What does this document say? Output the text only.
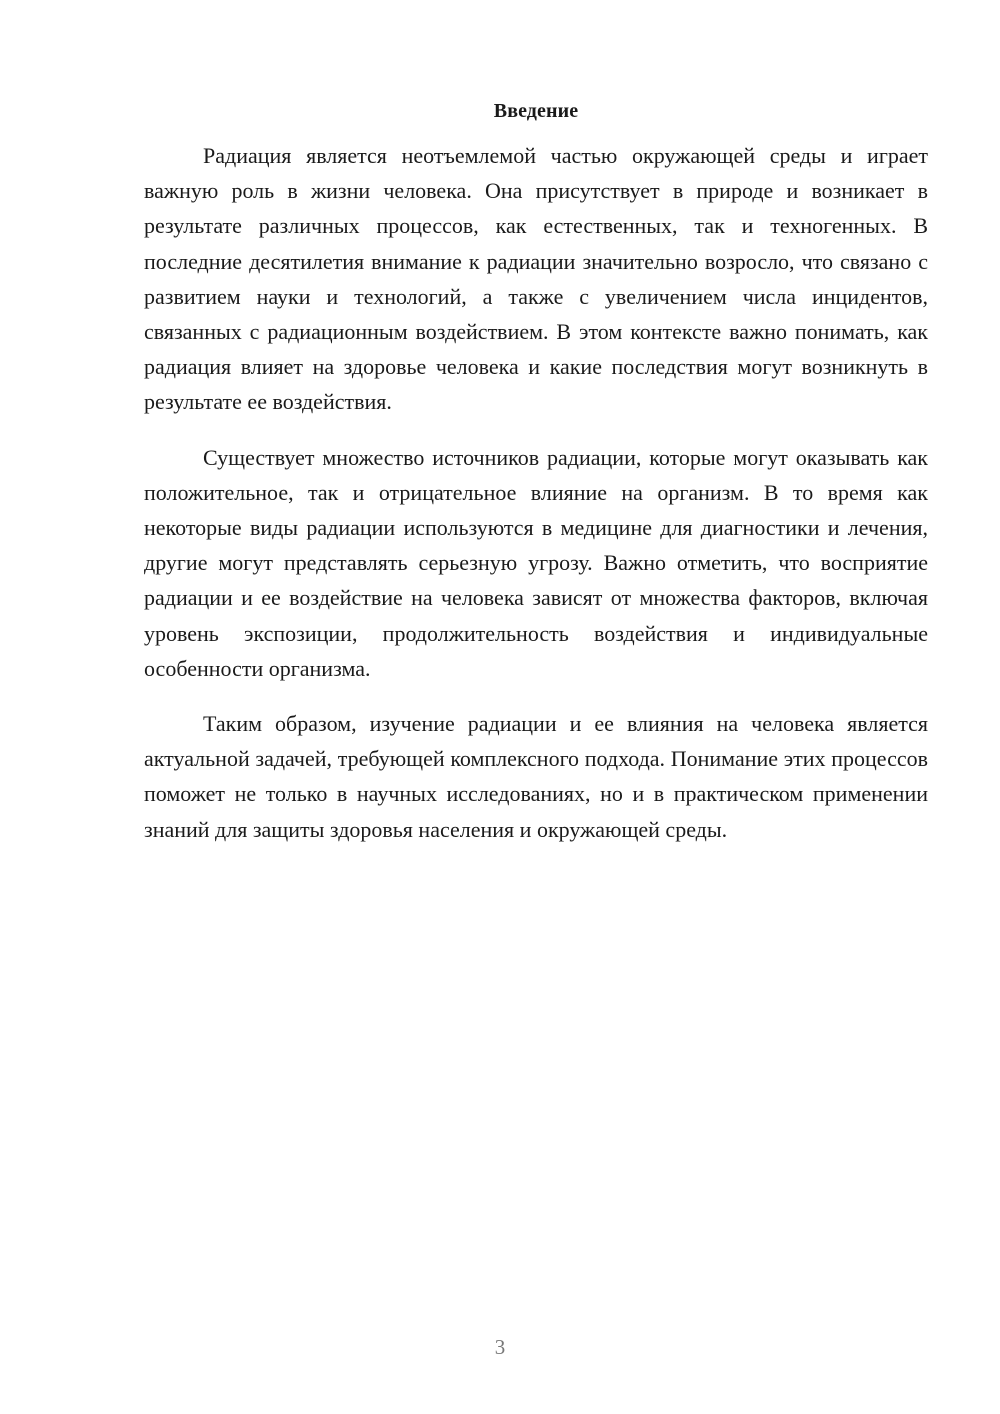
Введение

Радиация является неотъемлемой частью окружающей среды и играет важную роль в жизни человека. Она присутствует в природе и возникает в результате различных процессов, как естественных, так и техногенных. В последние десятилетия внимание к радиации значительно возросло, что связано с развитием науки и технологий, а также с увеличением числа инцидентов, связанных с радиационным воздействием. В этом контексте важно понимать, как радиация влияет на здоровье человека и какие последствия могут возникнуть в результате ее воздействия.

Существует множество источников радиации, которые могут оказывать как положительное, так и отрицательное влияние на организм. В то время как некоторые виды радиации используются в медицине для диагностики и лечения, другие могут представлять серьезную угрозу. Важно отметить, что восприятие радиации и ее воздействие на человека зависят от множества факторов, включая уровень экспозиции, продолжительность воздействия и индивидуальные особенности организма.

Таким образом, изучение радиации и ее влияния на человека является актуальной задачей, требующей комплексного подхода. Понимание этих процессов поможет не только в научных исследованиях, но и в практическом применении знаний для защиты здоровья населения и окружающей среды.

3
